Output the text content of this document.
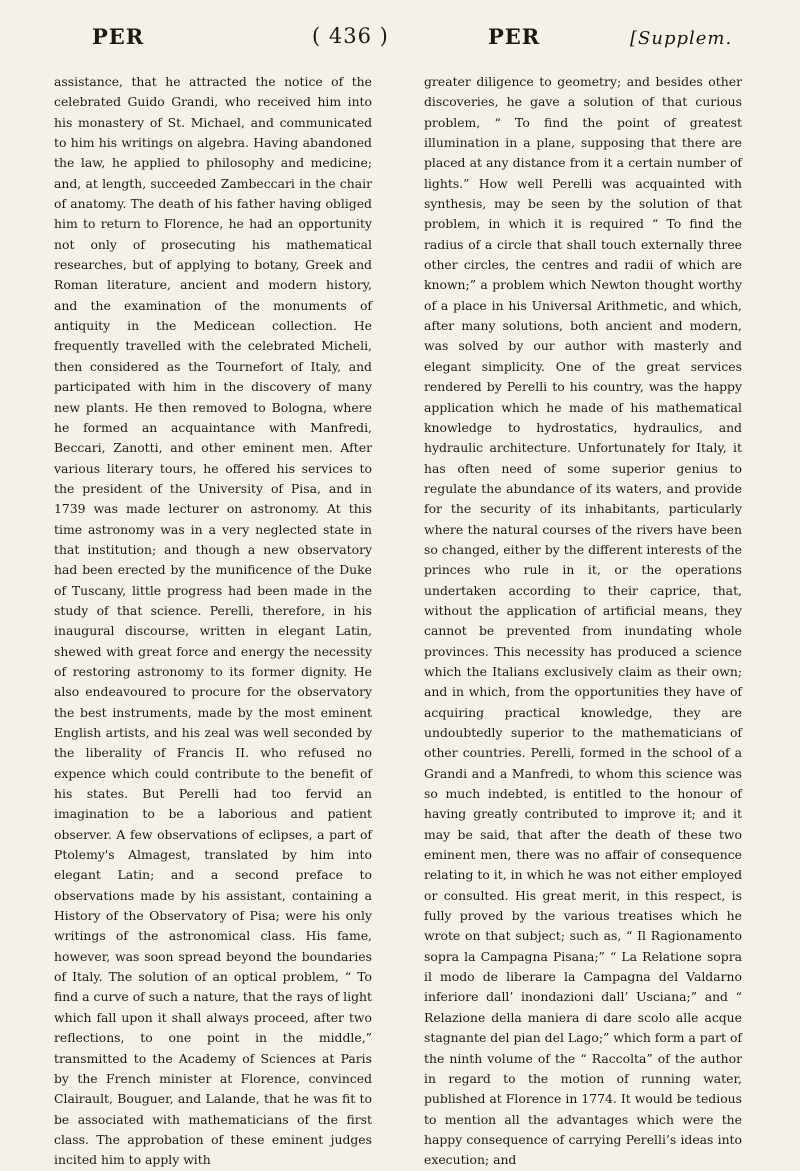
PER	( 436 )	PER	[Supplem.

assistance, that he attracted the notice of the celebrated Guido Grandi, who received him into his monastery of St. Michael, and communicated to him his writings on algebra. Having abandoned the law, he applied to philosophy and medicine; and, at length, succeeded Zambeccari in the chair of anatomy. The death of his father having obliged him to return to Florence, he had an opportunity not only of prosecuting his mathematical researches, but of applying to botany, Greek and Roman literature, ancient and modern history, and the examination of the monuments of antiquity in the Medicean collection. He frequently travelled with the celebrated Micheli, then considered as the Tournefort of Italy, and participated with him in the discovery of many new plants. He then removed to Bologna, where he formed an acquaintance with Manfredi, Beccari, Zanotti, and other eminent men. After various literary tours, he offered his services to the president of the University of Pisa, and in 1739 was made lecturer on astronomy. At this time astronomy was in a very neglected state in that institution; and though a new observatory had been erected by the munificence of the Duke of Tuscany, little progress had been made in the study of that science. Perelli, therefore, in his inaugural discourse, written in elegant Latin, shewed with great force and energy the necessity of restoring astronomy to its former dignity. He also endeavoured to procure for the observatory the best instruments, made by the most eminent English artists, and his zeal was well seconded by the liberality of Francis II. who refused no expence which could contribute to the benefit of his states. But Perelli had too fervid an imagination to be a laborious and patient observer. A few observations of eclipses, a part of Ptolemy's Almagest, translated by him into elegant Latin; and a second preface to observations made by his assistant, containing a History of the Observatory of Pisa; were his only writings of the astronomical class. His fame, however, was soon spread beyond the boundaries of Italy. The solution of an optical problem, “ To find a curve of such a nature, that the rays of light which fall upon it shall always proceed, after two reflections, to one point in the middle,” transmitted to the Academy of Sciences at Paris by the French minister at Florence, convinced Clairault, Bouguer, and Lalande, that he was fit to be associated with mathematicians of the first class. The approbation of these eminent judges incited him to apply with

greater diligence to geometry; and besides other discoveries, he gave a solution of that curious problem, “ To find the point of greatest illumination in a plane, supposing that there are placed at any distance from it a certain number of lights.” How well Perelli was acquainted with synthesis, may be seen by the solution of that problem, in which it is required “ To find the radius of a circle that shall touch externally three other circles, the centres and radii of which are known;” a problem which Newton thought worthy of a place in his Universal Arithmetic, and which, after many solutions, both ancient and modern, was solved by our author with masterly and elegant simplicity. One of the great services rendered by Perelli to his country, was the happy application which he made of his mathematical knowledge to hydrostatics, hydraulics, and hydraulic architecture. Unfortunately for Italy, it has often need of some superior genius to regulate the abundance of its waters, and provide for the security of its inhabitants, particularly where the natural courses of the rivers have been so changed, either by the different interests of the princes who rule in it, or the operations undertaken according to their caprice, that, without the application of artificial means, they cannot be prevented from inundating whole provinces. This necessity has produced a science which the Italians exclusively claim as their own; and in which, from the opportunities they have of acquiring practical knowledge, they are undoubtedly superior to the mathematicians of other countries. Perelli, formed in the school of a Grandi and a Manfredi, to whom this science was so much indebted, is entitled to the honour of having greatly contributed to improve it; and it may be said, that after the death of these two eminent men, there was no affair of consequence relating to it, in which he was not either employed or consulted. His great merit, in this respect, is fully proved by the various treatises which he wrote on that subject; such as, “ Il Ragionamento sopra la Campagna Pisana;” “ La Relatione sopra il modo de liberare la Campagna del Valdarno inferiore dall’ inondazioni dall’ Usciana;” and “ Relazione della maniera di dare scolo alle acque stagnante del pian del Lago;” which form a part of the ninth volume of the “ Raccolta” of the author in regard to the motion of running water, published at Florence in 1774. It would be tedious to mention all the advantages which were the happy consequence of carrying Perelli’s ideas into execution; and
